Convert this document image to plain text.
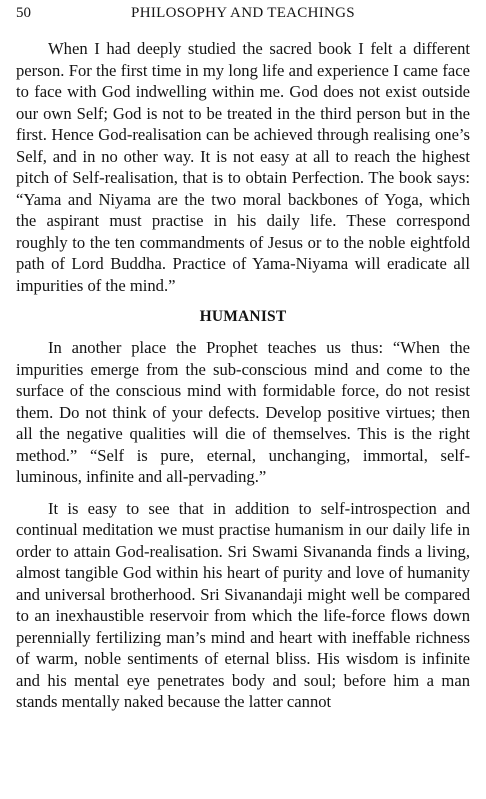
50	PHILOSOPHY AND TEACHINGS

When I had deeply studied the sacred book I felt a different person. For the first time in my long life and experience I came face to face with God indwelling within me. God does not exist outside our own Self; God is not to be treated in the third person but in the first. Hence God-realisation can be achieved through realising one’s Self, and in no other way. It is not easy at all to reach the highest pitch of Self-realisation, that is to obtain Perfection. The book says: “Yama and Niyama are the two moral backbones of Yoga, which the aspirant must practise in his daily life. These correspond roughly to the ten commandments of Jesus or to the noble eightfold path of Lord Buddha. Practice of Yama-Niyama will eradicate all impurities of the mind.”

HUMANIST

In another place the Prophet teaches us thus: “When the impurities emerge from the sub-conscious mind and come to the surface of the conscious mind with formidable force, do not resist them. Do not think of your defects. Develop positive virtues; then all the negative qualities will die of themselves. This is the right method.” “Self is pure, eternal, unchanging, immortal, self-luminous, infinite and all-pervading.”

It is easy to see that in addition to self-introspection and continual meditation we must practise humanism in our daily life in order to attain God-realisation. Sri Swami Sivananda finds a living, almost tangible God within his heart of purity and love of humanity and universal brotherhood. Sri Sivanandaji might well be compared to an inexhaustible reservoir from which the life-force flows down perennially fertilizing man’s mind and heart with ineffable richness of warm, noble sentiments of eternal bliss. His wisdom is infinite and his mental eye penetrates body and soul; before him a man stands mentally naked because the latter cannot
